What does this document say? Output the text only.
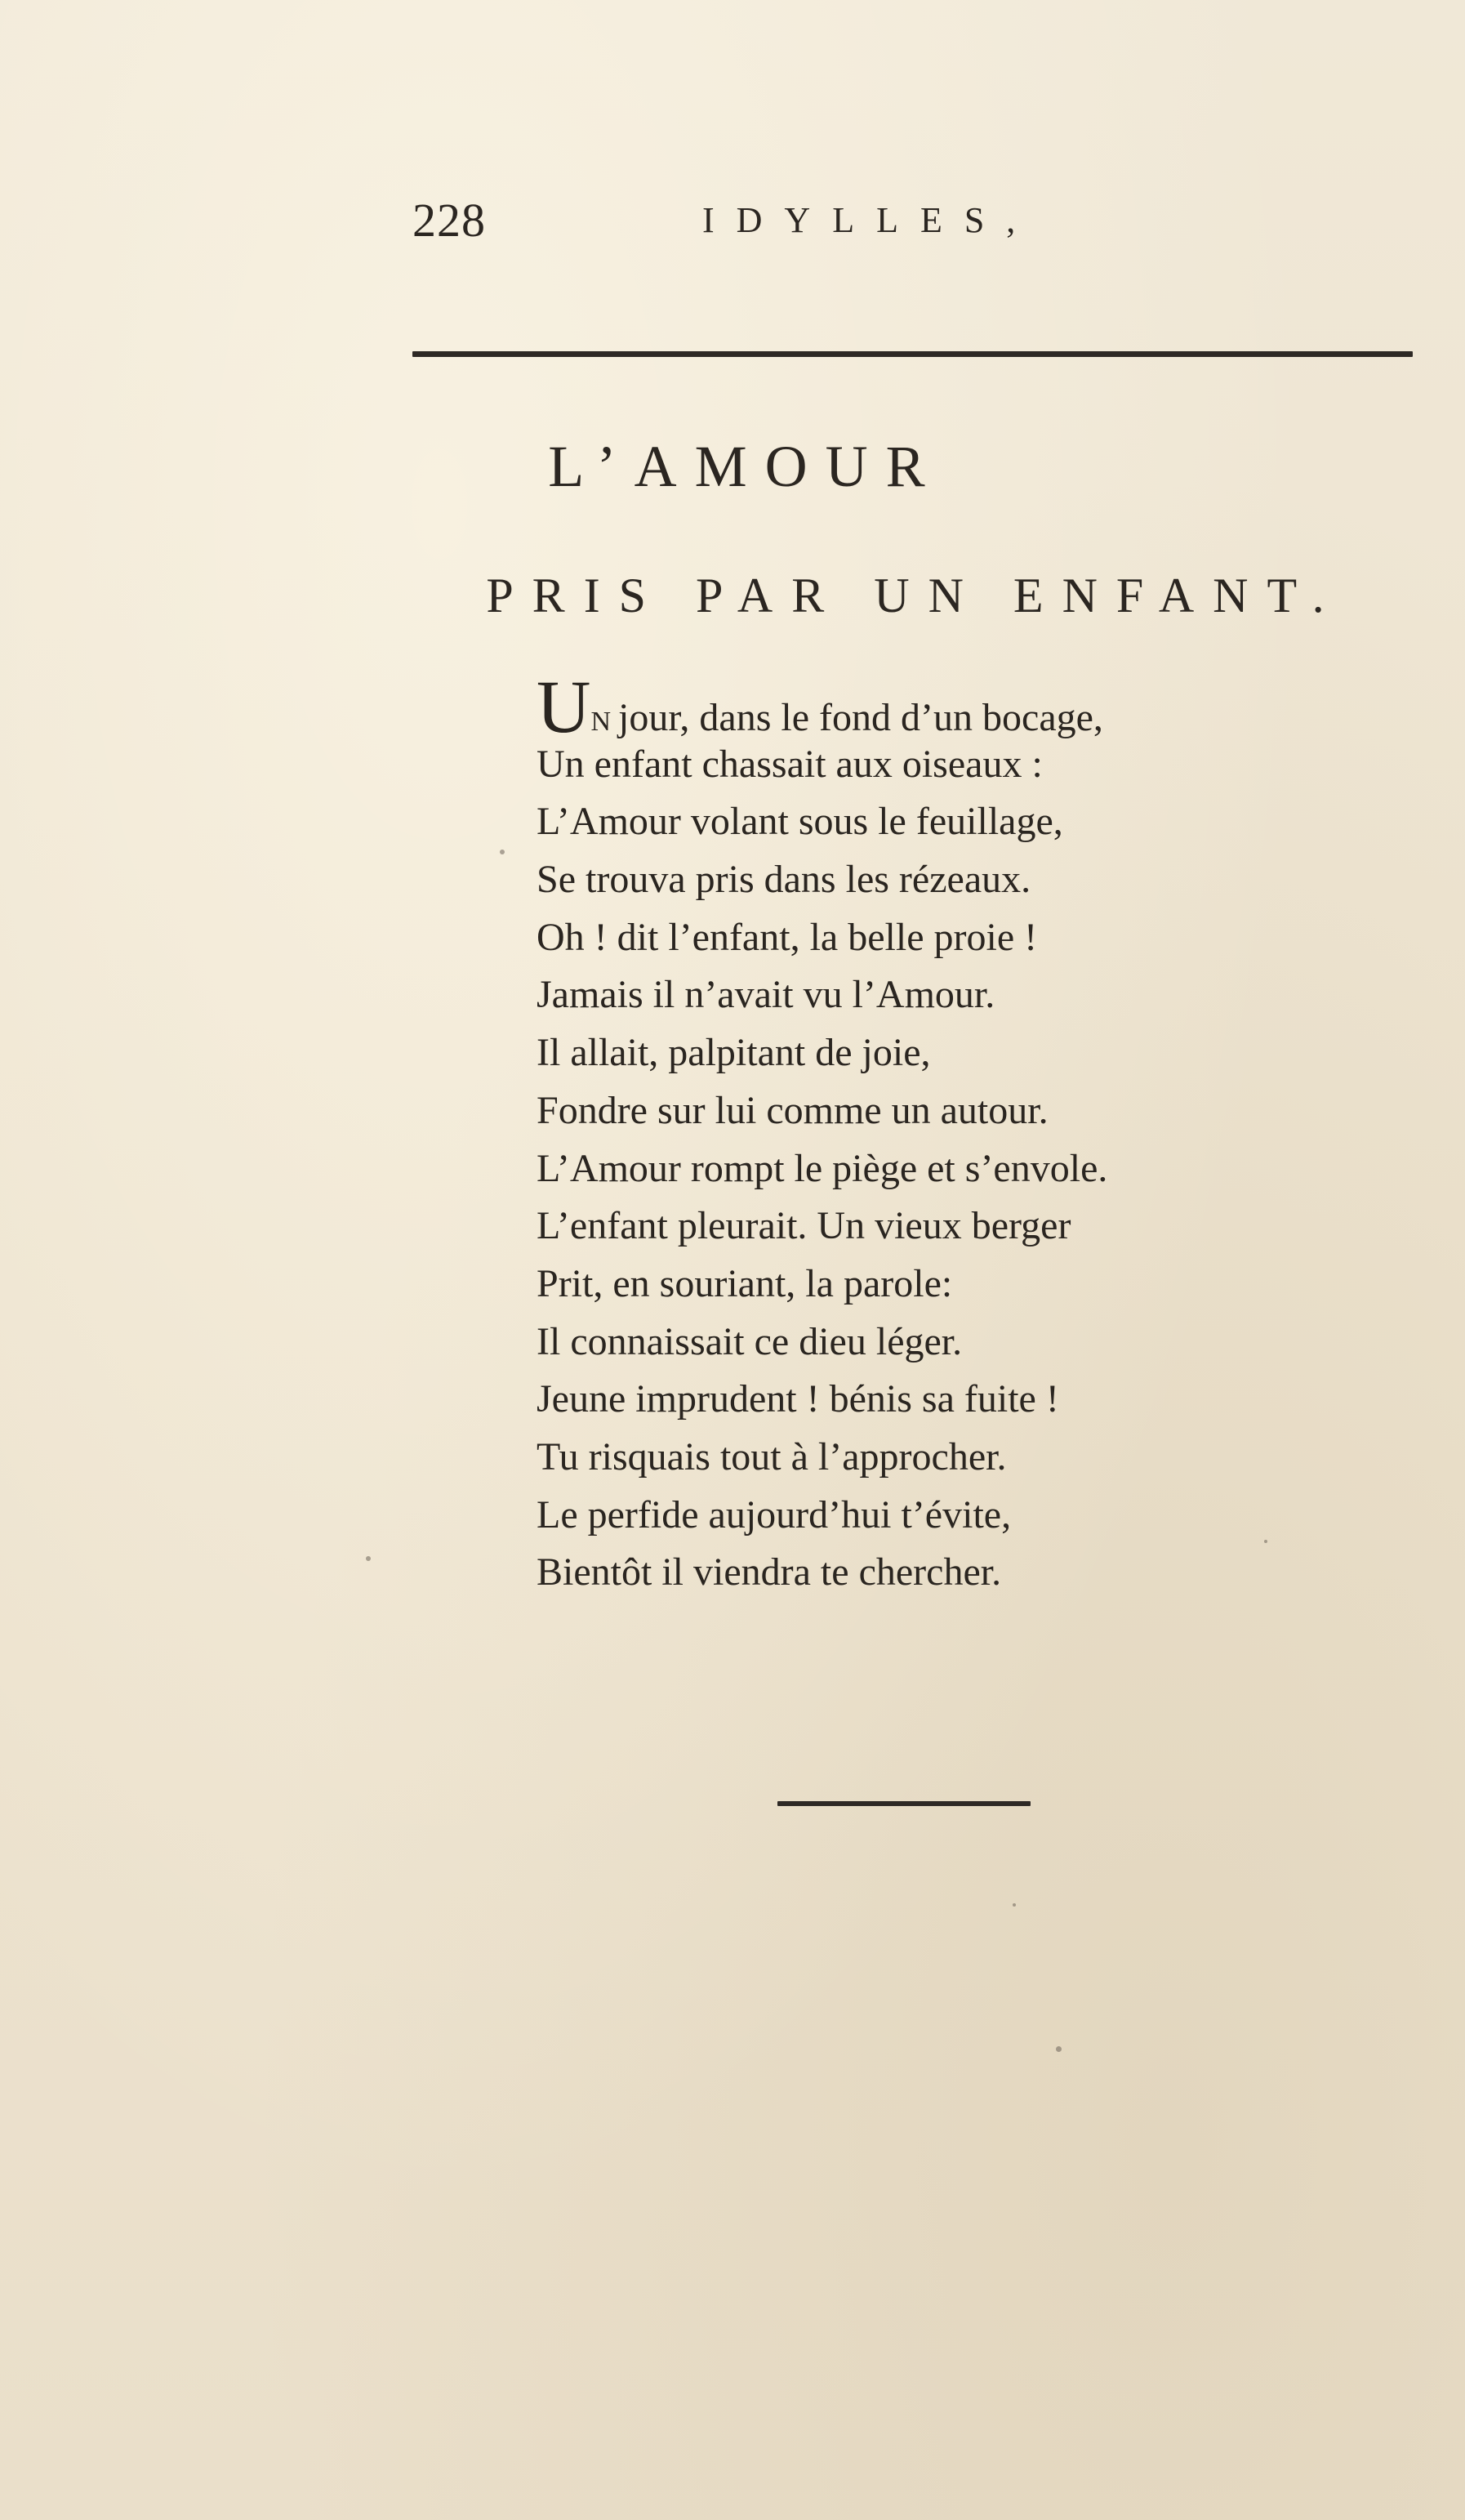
228	IDYLLES,
L’AMOUR
PRIS PAR UN ENFANT.
UN jour, dans le fond d’un bocage,
Un enfant chassait aux oiseaux :
L’Amour volant sous le feuillage,
Se trouva pris dans les rézeaux.
Oh ! dit l’enfant, la belle proie !
Jamais il n’avait vu l’Amour.
Il allait, palpitant de joie,
Fondre sur lui comme un autour.
L’Amour rompt le piège et s’envole.
L’enfant pleurait. Un vieux berger
Prit, en souriant, la parole:
Il connaissait ce dieu léger.
Jeune imprudent ! bénis sa fuite !
Tu risquais tout à l’approcher.
Le perfide aujourd’hui t’évite,
Bientôt il viendra te chercher.
